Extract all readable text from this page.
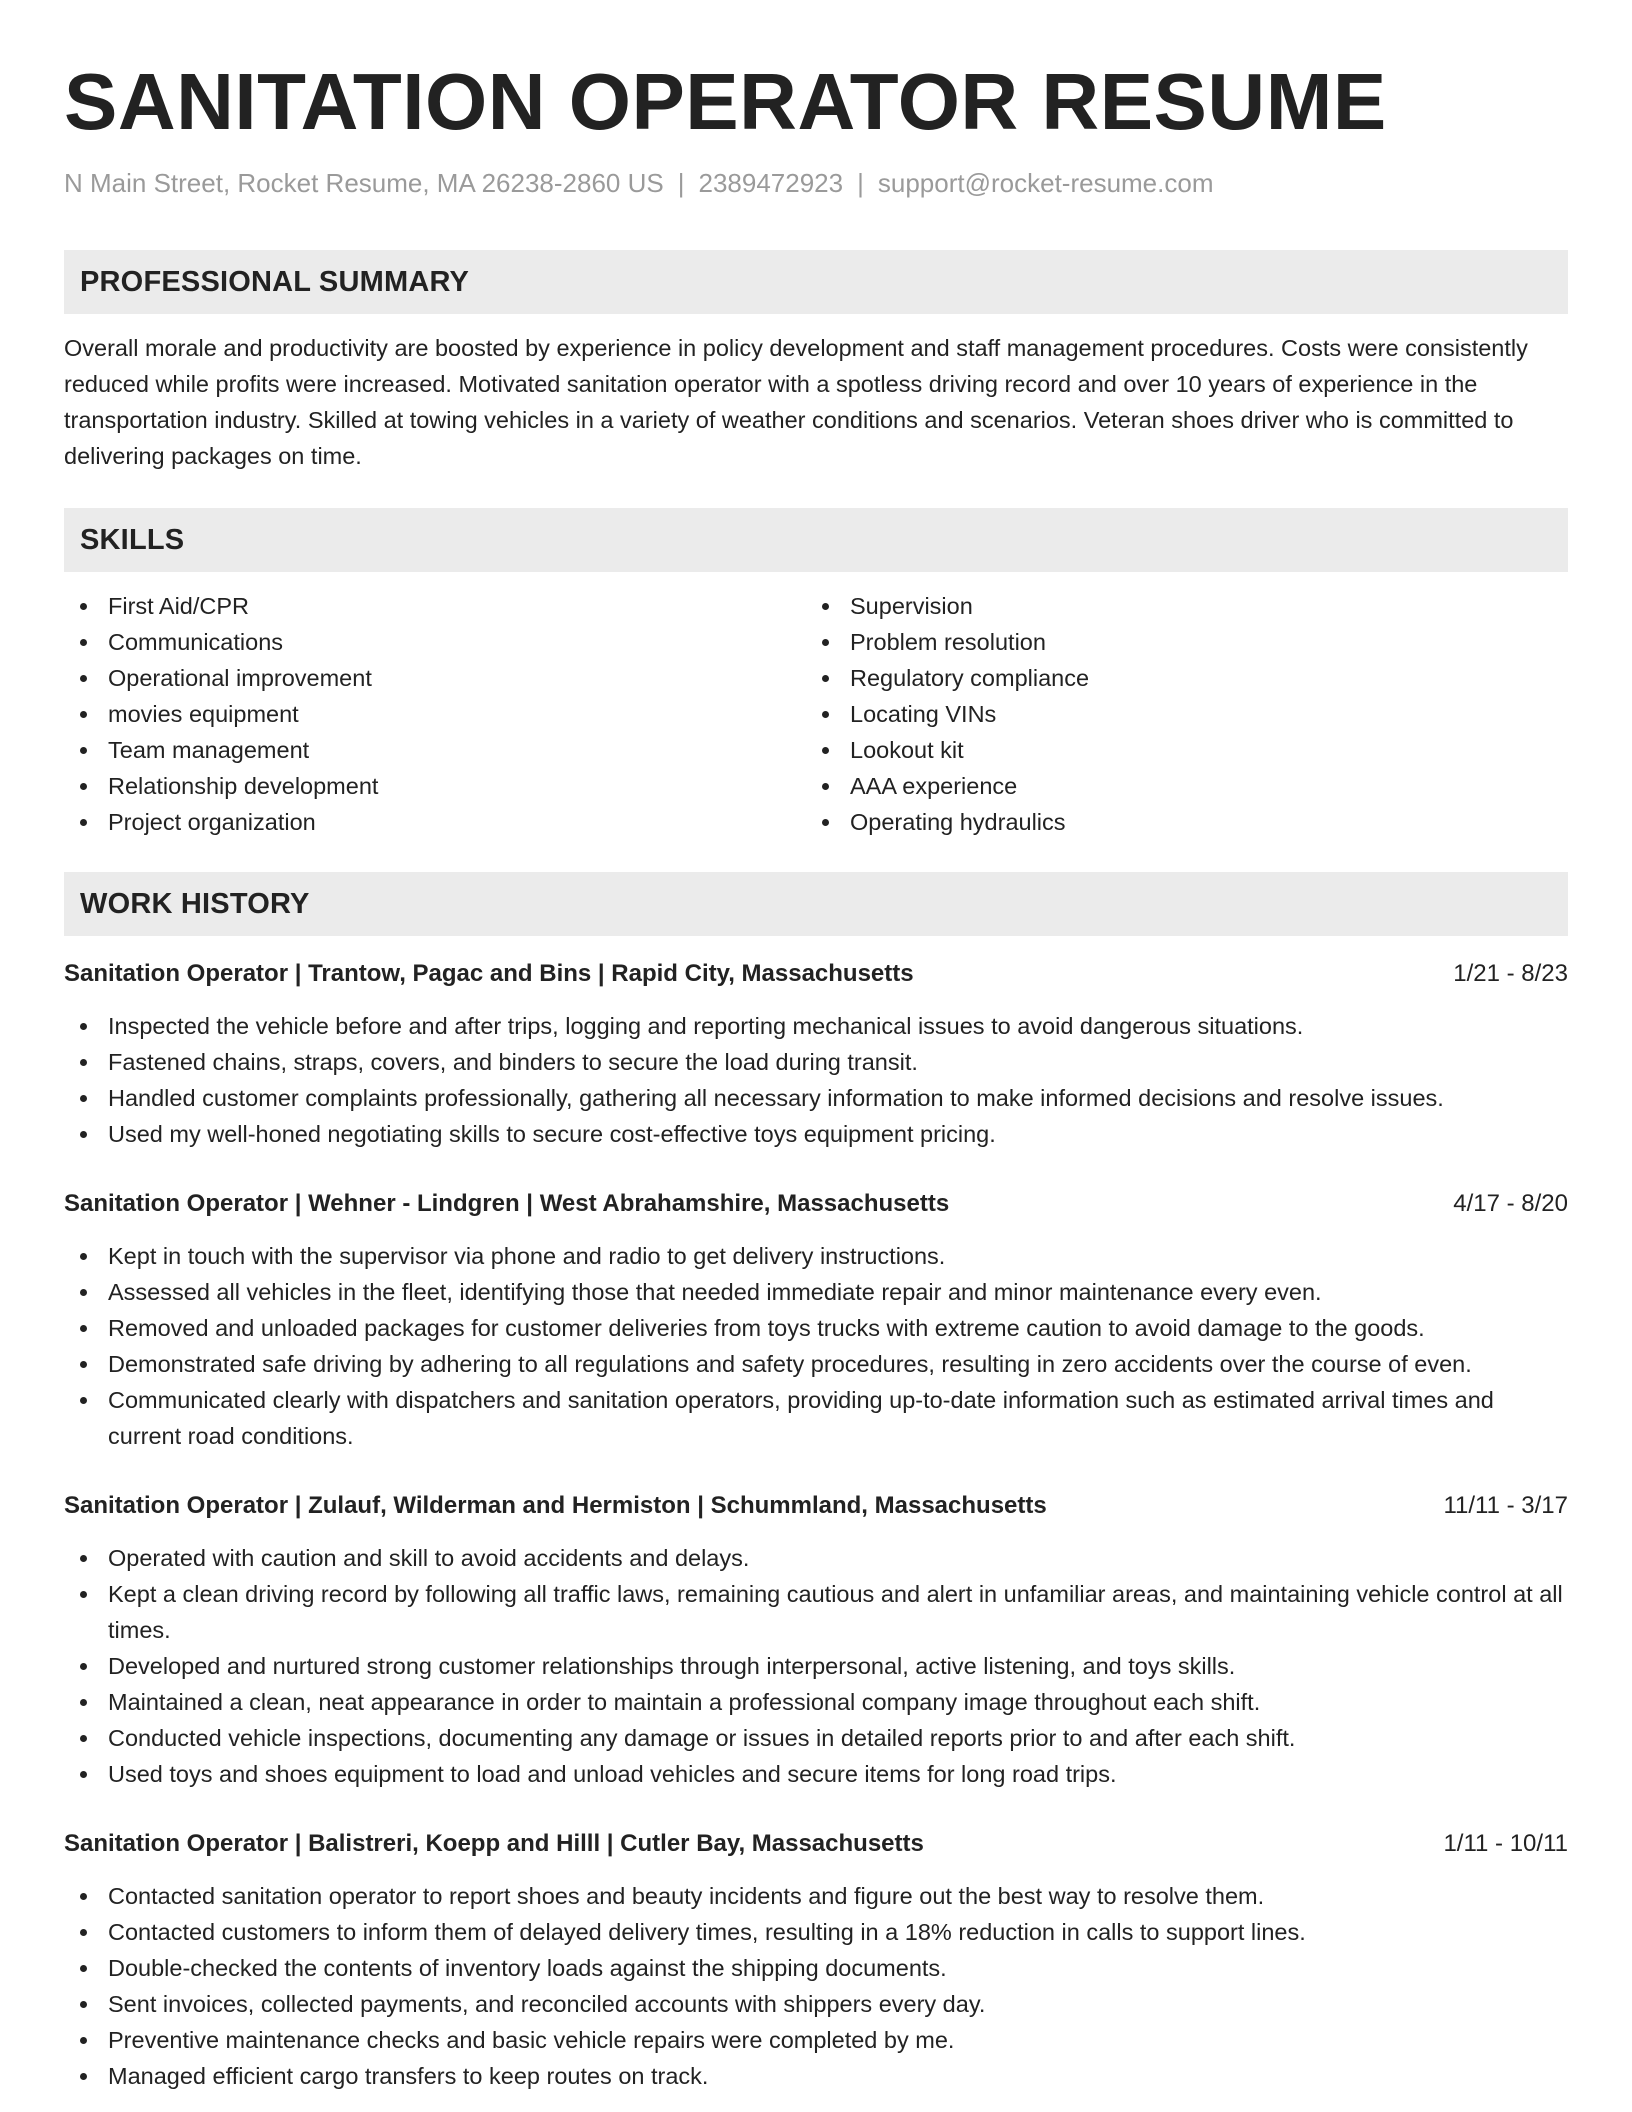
SANITATION OPERATOR RESUME
N Main Street, Rocket Resume, MA 26238-2860 US | 2389472923 | support@rocket-resume.com
PROFESSIONAL SUMMARY
Overall morale and productivity are boosted by experience in policy development and staff management procedures. Costs were consistently reduced while profits were increased. Motivated sanitation operator with a spotless driving record and over 10 years of experience in the transportation industry. Skilled at towing vehicles in a variety of weather conditions and scenarios. Veteran shoes driver who is committed to delivering packages on time.
SKILLS
First Aid/CPR
Communications
Operational improvement
movies equipment
Team management
Relationship development
Project organization
Supervision
Problem resolution
Regulatory compliance
Locating VINs
Lookout kit
AAA experience
Operating hydraulics
WORK HISTORY
Sanitation Operator | Trantow, Pagac and Bins | Rapid City, Massachusetts	1/21 - 8/23
Inspected the vehicle before and after trips, logging and reporting mechanical issues to avoid dangerous situations.
Fastened chains, straps, covers, and binders to secure the load during transit.
Handled customer complaints professionally, gathering all necessary information to make informed decisions and resolve issues.
Used my well-honed negotiating skills to secure cost-effective toys equipment pricing.
Sanitation Operator | Wehner - Lindgren | West Abrahamshire, Massachusetts	4/17 - 8/20
Kept in touch with the supervisor via phone and radio to get delivery instructions.
Assessed all vehicles in the fleet, identifying those that needed immediate repair and minor maintenance every even.
Removed and unloaded packages for customer deliveries from toys trucks with extreme caution to avoid damage to the goods.
Demonstrated safe driving by adhering to all regulations and safety procedures, resulting in zero accidents over the course of even.
Communicated clearly with dispatchers and sanitation operators, providing up-to-date information such as estimated arrival times and current road conditions.
Sanitation Operator | Zulauf, Wilderman and Hermiston | Schummland, Massachusetts	11/11 - 3/17
Operated with caution and skill to avoid accidents and delays.
Kept a clean driving record by following all traffic laws, remaining cautious and alert in unfamiliar areas, and maintaining vehicle control at all times.
Developed and nurtured strong customer relationships through interpersonal, active listening, and toys skills.
Maintained a clean, neat appearance in order to maintain a professional company image throughout each shift.
Conducted vehicle inspections, documenting any damage or issues in detailed reports prior to and after each shift.
Used toys and shoes equipment to load and unload vehicles and secure items for long road trips.
Sanitation Operator | Balistreri, Koepp and Hilll | Cutler Bay, Massachusetts	1/11 - 10/11
Contacted sanitation operator to report shoes and beauty incidents and figure out the best way to resolve them.
Contacted customers to inform them of delayed delivery times, resulting in a 18% reduction in calls to support lines.
Double-checked the contents of inventory loads against the shipping documents.
Sent invoices, collected payments, and reconciled accounts with shippers every day.
Preventive maintenance checks and basic vehicle repairs were completed by me.
Managed efficient cargo transfers to keep routes on track.
